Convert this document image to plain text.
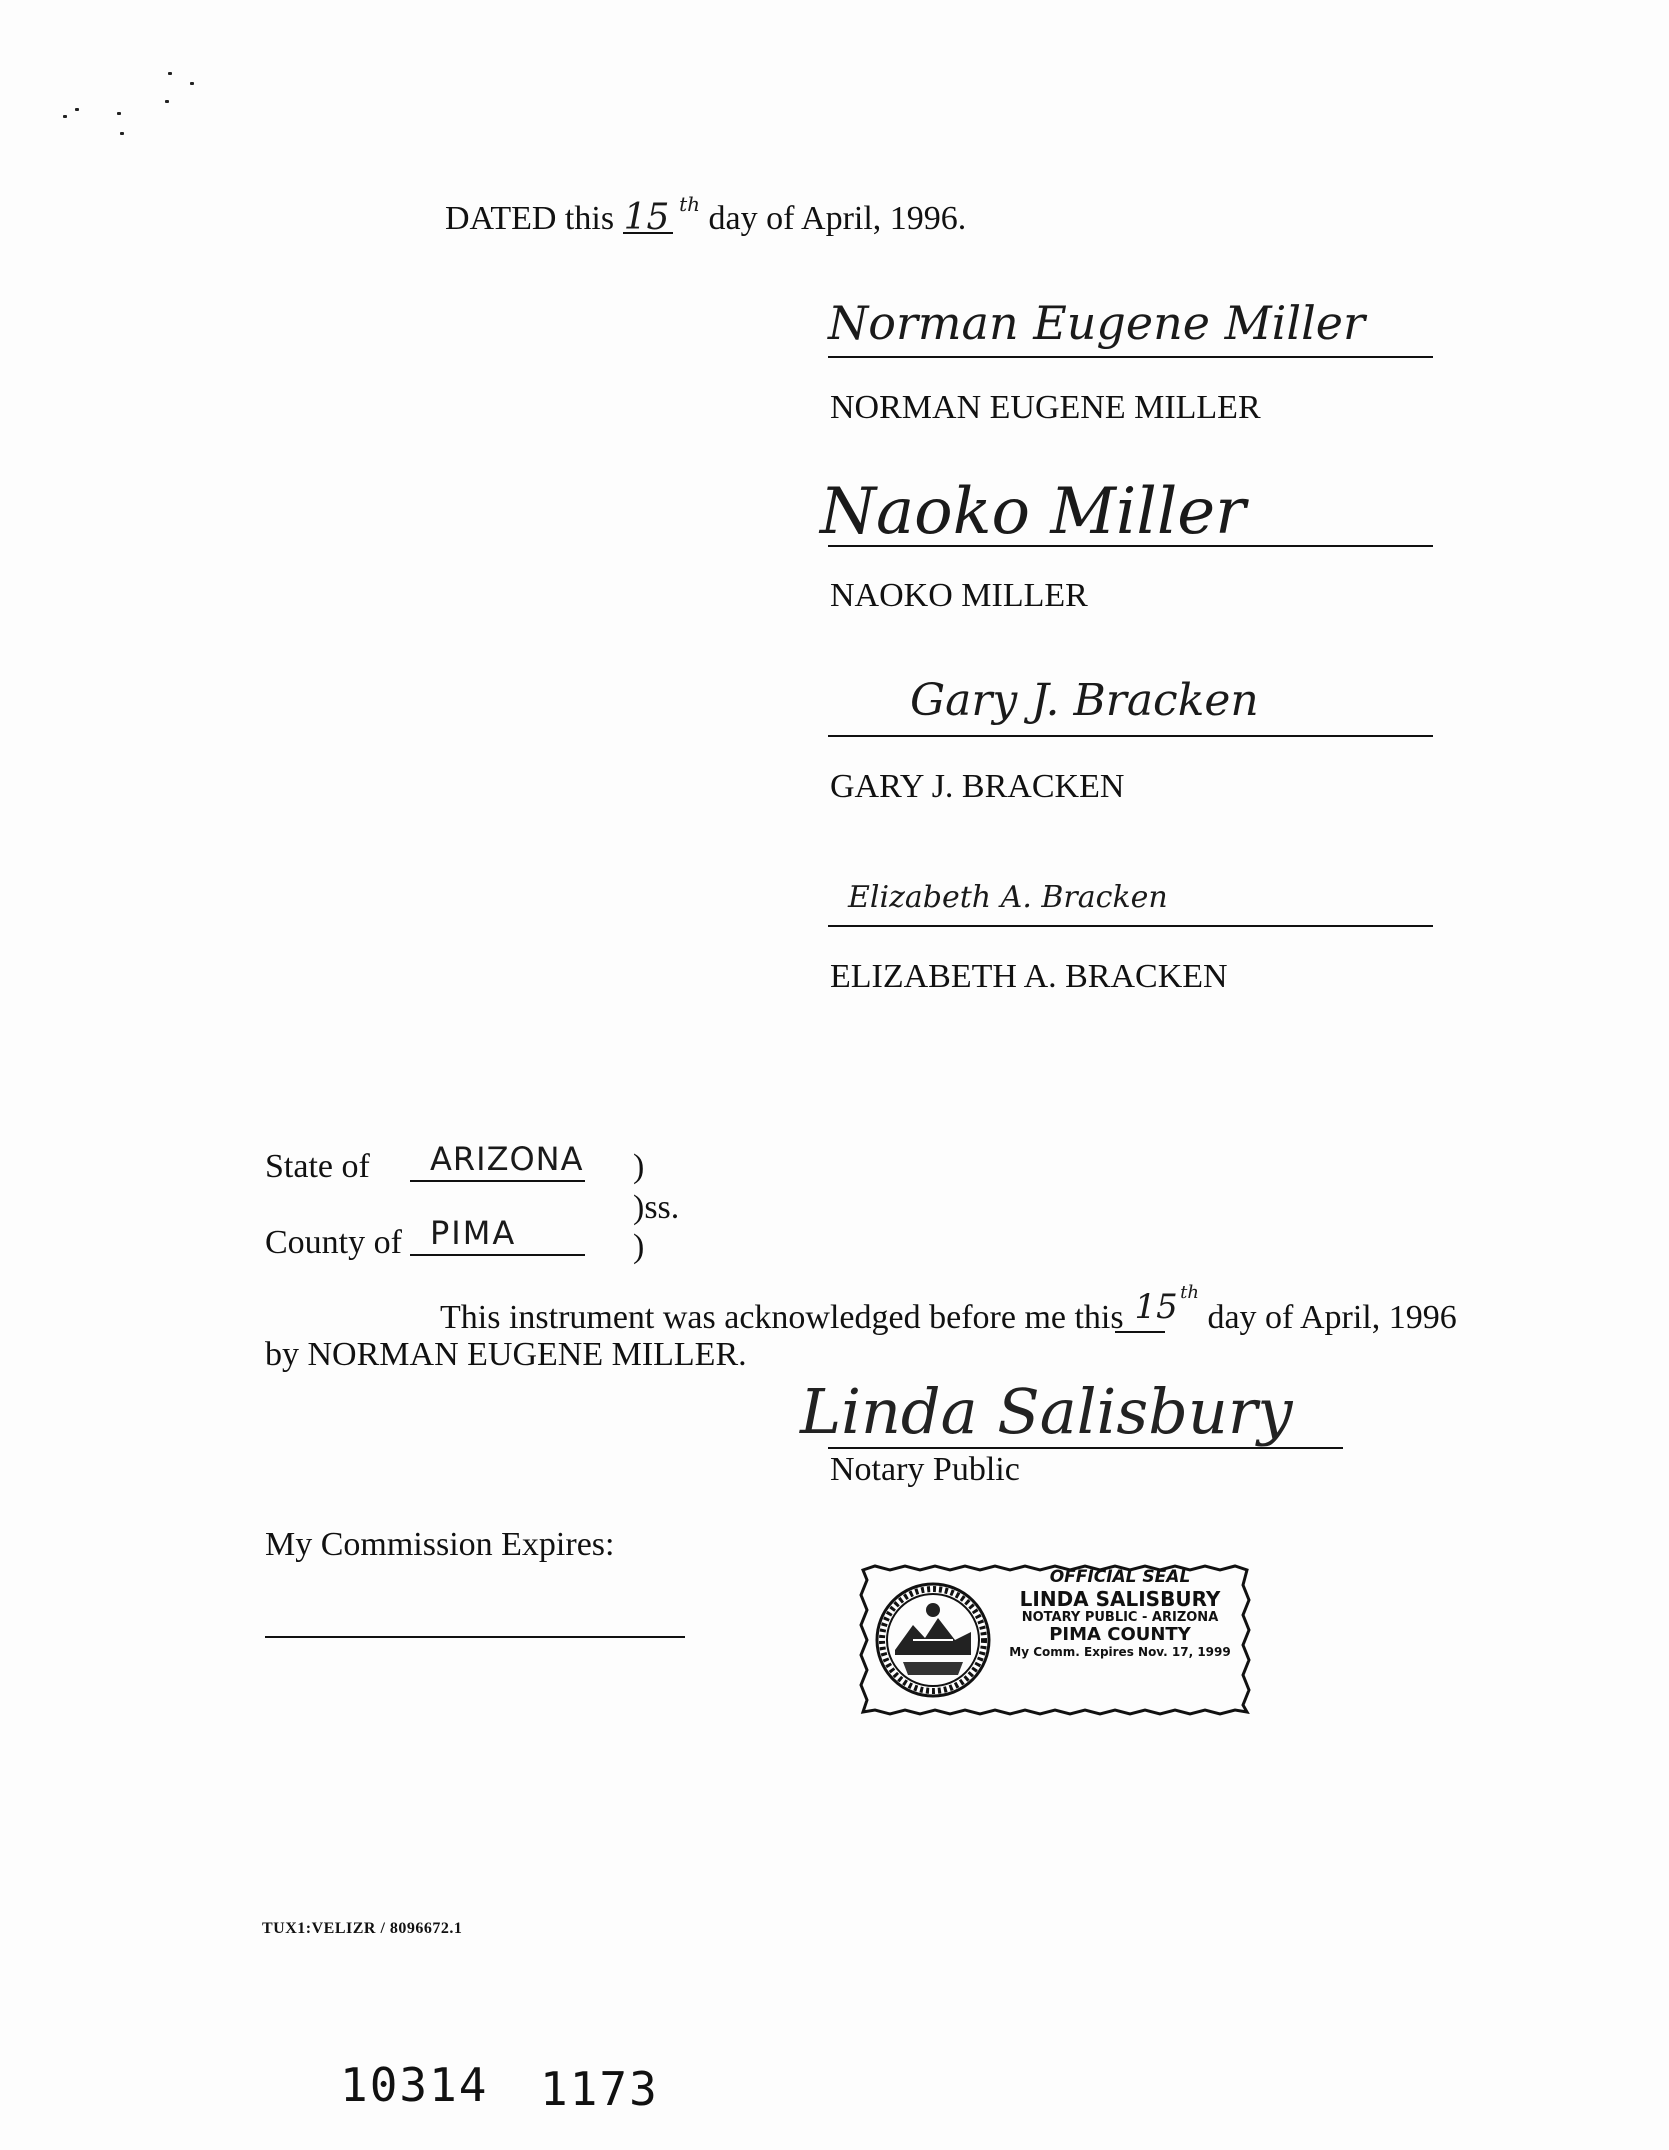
DATED this 15 $^{th}$ day of April, 1996.
Norman Eugene Miller
NORMAN EUGENE MILLER
Naoko Miller
NAOKO MILLER
Gary J. Bracken
GARY J. BRACKEN
Elizabeth A. Bracken
ELIZABETH A. BRACKEN
State of ARIZONA )
)ss.
County of PIMA	)
This instrument was acknowledged before me this 15 $^{th}$ day of April, 1996
by NORMAN EUGENE MILLER.
Linda Salisbury
Notary Public
My Commission Expires:
OFFICIAL SEAL
LINDA SALISBURY
NOTARY PUBLIC - ARIZONA
PIMA COUNTY
My Comm. Expires Nov. 17, 1999
TUX1:VELIZR / 8096672.1
10314 1173
